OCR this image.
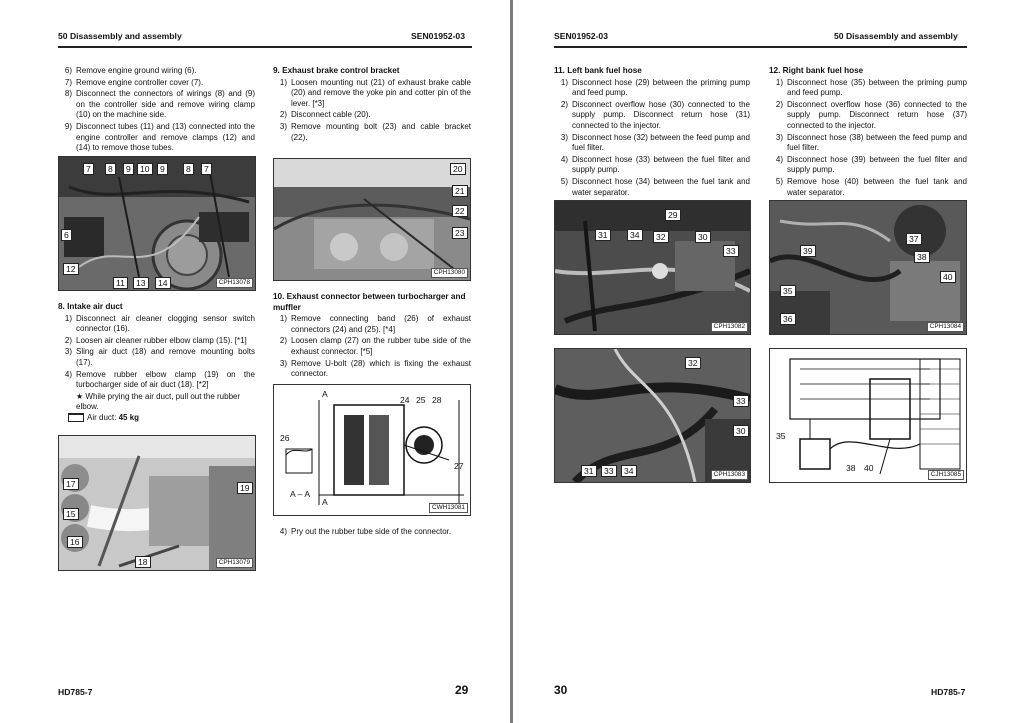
50 Disassembly and assembly	SEN01952-03
6) Remove engine ground wiring (6).
7) Remove engine controller cover (7).
8) Disconnect the connectors of wirings (8) and (9) on the controller side and remove wiring clamp (10) on the machine side.
9) Disconnect tubes (11) and (13) connected into the engine controller and remove clamps (12) and (14) to remove those tubes.
7	8	9	10	9	8	7
6
12
11	13	14	CPH13078
8. Intake air duct
1) Disconnect air cleaner clogging sensor switch connector (16).
2) Loosen air cleaner rubber elbow clamp (15). [*1]
3) Sling air duct (18) and remove mounting bolts (17).
4) Remove rubber elbow clamp (19) on the turbocharger side of air duct (18). [*2]
★ While prying the air duct, pull out the rubber elbow.
Air duct: 45 kg
17	19
15
16
18	CPH13079
9. Exhaust brake control bracket
1) Loosen mounting nut (21) of exhaust brake cable (20) and remove the yoke pin and cotter pin of the lever. [*3]
2) Disconnect cable (20).
3) Remove mounting bolt (23) and cable bracket (22).
20
21
22
23
CPH13080
10. Exhaust connector between turbocharger and muffler
1) Remove connecting band (26) of exhaust connectors (24) and (25). [*4]
2) Loosen clamp (27) on the rubber tube side of the exhaust connector. [*5]
3) Remove U-bolt (28) which is fixing the exhaust connector.
24 25 28
26
27
A
A
A – A
CWH13081
4) Pry out the rubber tube side of the connector.
HD785-7	29
SEN01952-03	50 Disassembly and assembly
11. Left bank fuel hose
1) Disconnect hose (29) between the priming pump and feed pump.
2) Disconnect overflow hose (30) connected to the supply pump. Disconnect return hose (31) connected to the injector.
3) Disconnect hose (32) between the feed pump and fuel filter.
4) Disconnect hose (33) between the fuel filter and supply pump.
5) Disconnect hose (34) between the fuel tank and water separator.
12. Right bank fuel hose
1) Disconnect hose (35) between the priming pump and feed pump.
2) Disconnect overflow hose (36) connected to the supply pump. Disconnect return hose (37) connected to the injector.
3) Disconnect hose (38) between the feed pump and fuel filter.
4) Disconnect hose (39) between the fuel filter and supply pump.
5) Remove hose (40) between the fuel tank and water separator.
29
31	34	32	30
33
CPH13082
37
39
38
40
35
36
CPH13084
32
33
30
31	33	34	CPH13083
35
38 40
CJH13085
30	HD785-7
